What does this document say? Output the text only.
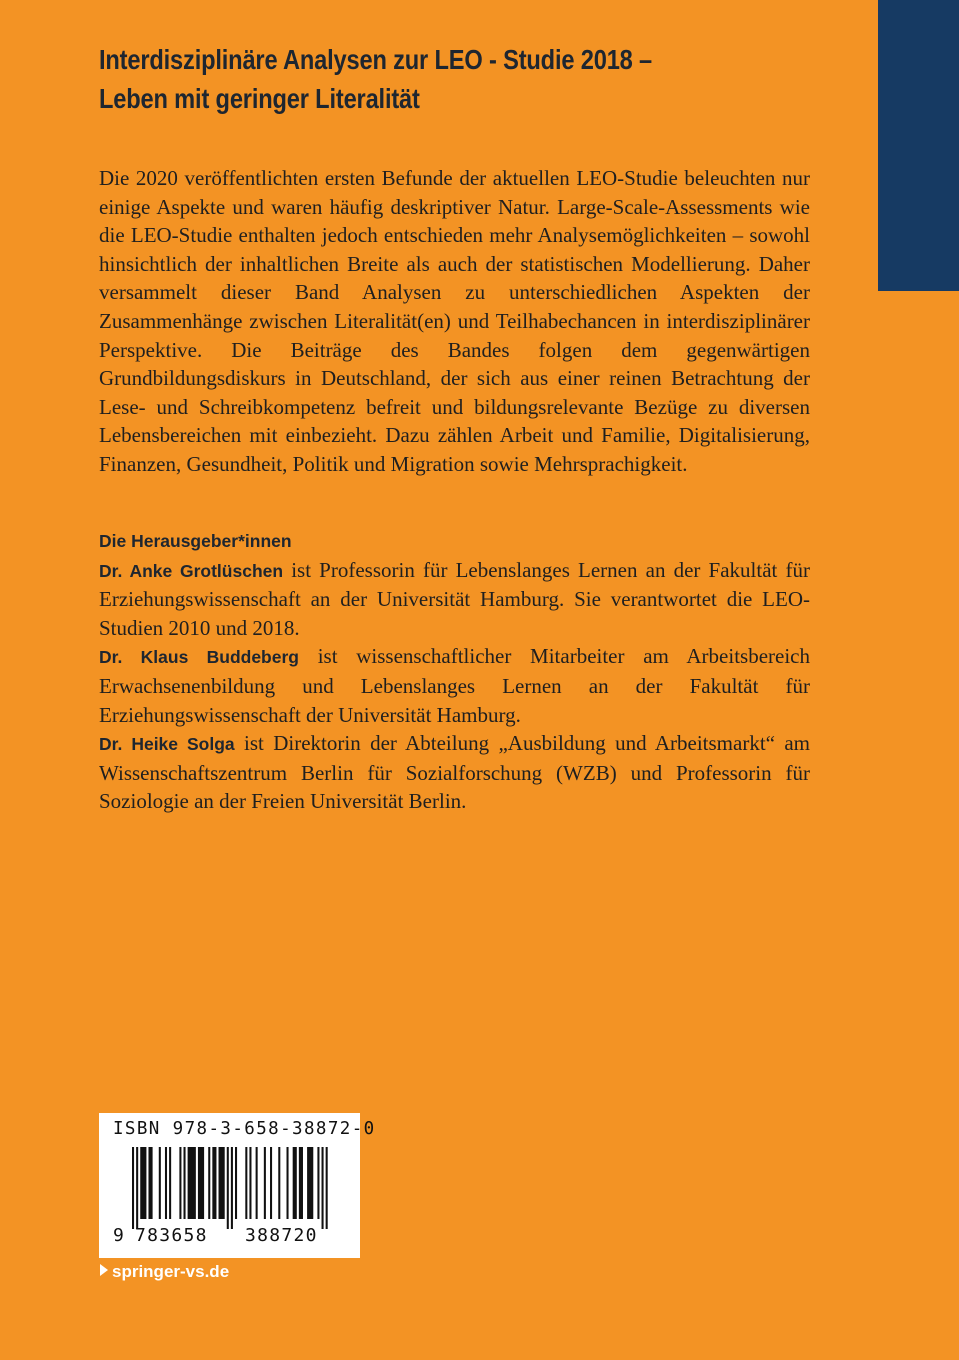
Interdisziplinäre Analysen zur LEO - Studie 2018 – Leben mit geringer Literalität

Die 2020 veröffentlichten ersten Befunde der aktuellen LEO-Studie beleuchten nur einige Aspekte und waren häufig deskriptiver Natur. Large-Scale-Assessments wie die LEO-Studie enthalten jedoch entschieden mehr Analysemöglichkeiten – sowohl hinsichtlich der inhaltlichen Breite als auch der statistischen Modellierung. Daher versammelt dieser Band Analysen zu unterschiedlichen Aspekten der Zusammenhänge zwischen Literalität(en) und Teilhabechancen in interdisziplinärer Perspektive. Die Beiträge des Bandes folgen dem gegenwärtigen Grundbildungsdiskurs in Deutschland, der sich aus einer reinen Betrachtung der Lese- und Schreibkompetenz befreit und bildungsrelevante Bezüge zu diversen Lebensbereichen mit einbezieht. Dazu zählen Arbeit und Familie, Digitalisierung, Finanzen, Gesundheit, Politik und Migration sowie Mehrsprachigkeit.

Die Herausgeber*innen

Dr. Anke Grotlüschen ist Professorin für Lebenslanges Lernen an der Fakultät für Erziehungswissenschaft an der Universität Hamburg. Sie verantwortet die LEO-Studien 2010 und 2018.

Dr. Klaus Buddeberg ist wissenschaftlicher Mitarbeiter am Arbeitsbereich Erwachsenenbildung und Lebenslanges Lernen an der Fakultät für Erziehungswissenschaft der Universität Hamburg.

Dr. Heike Solga ist Direktorin der Abteilung „Ausbildung und Arbeitsmarkt“ am Wissenschaftszentrum Berlin für Sozialforschung (WZB) und Professorin für Soziologie an der Freien Universität Berlin.

ISBN 978-3-658-38872-0
9 783658 388720
springer-vs.de
